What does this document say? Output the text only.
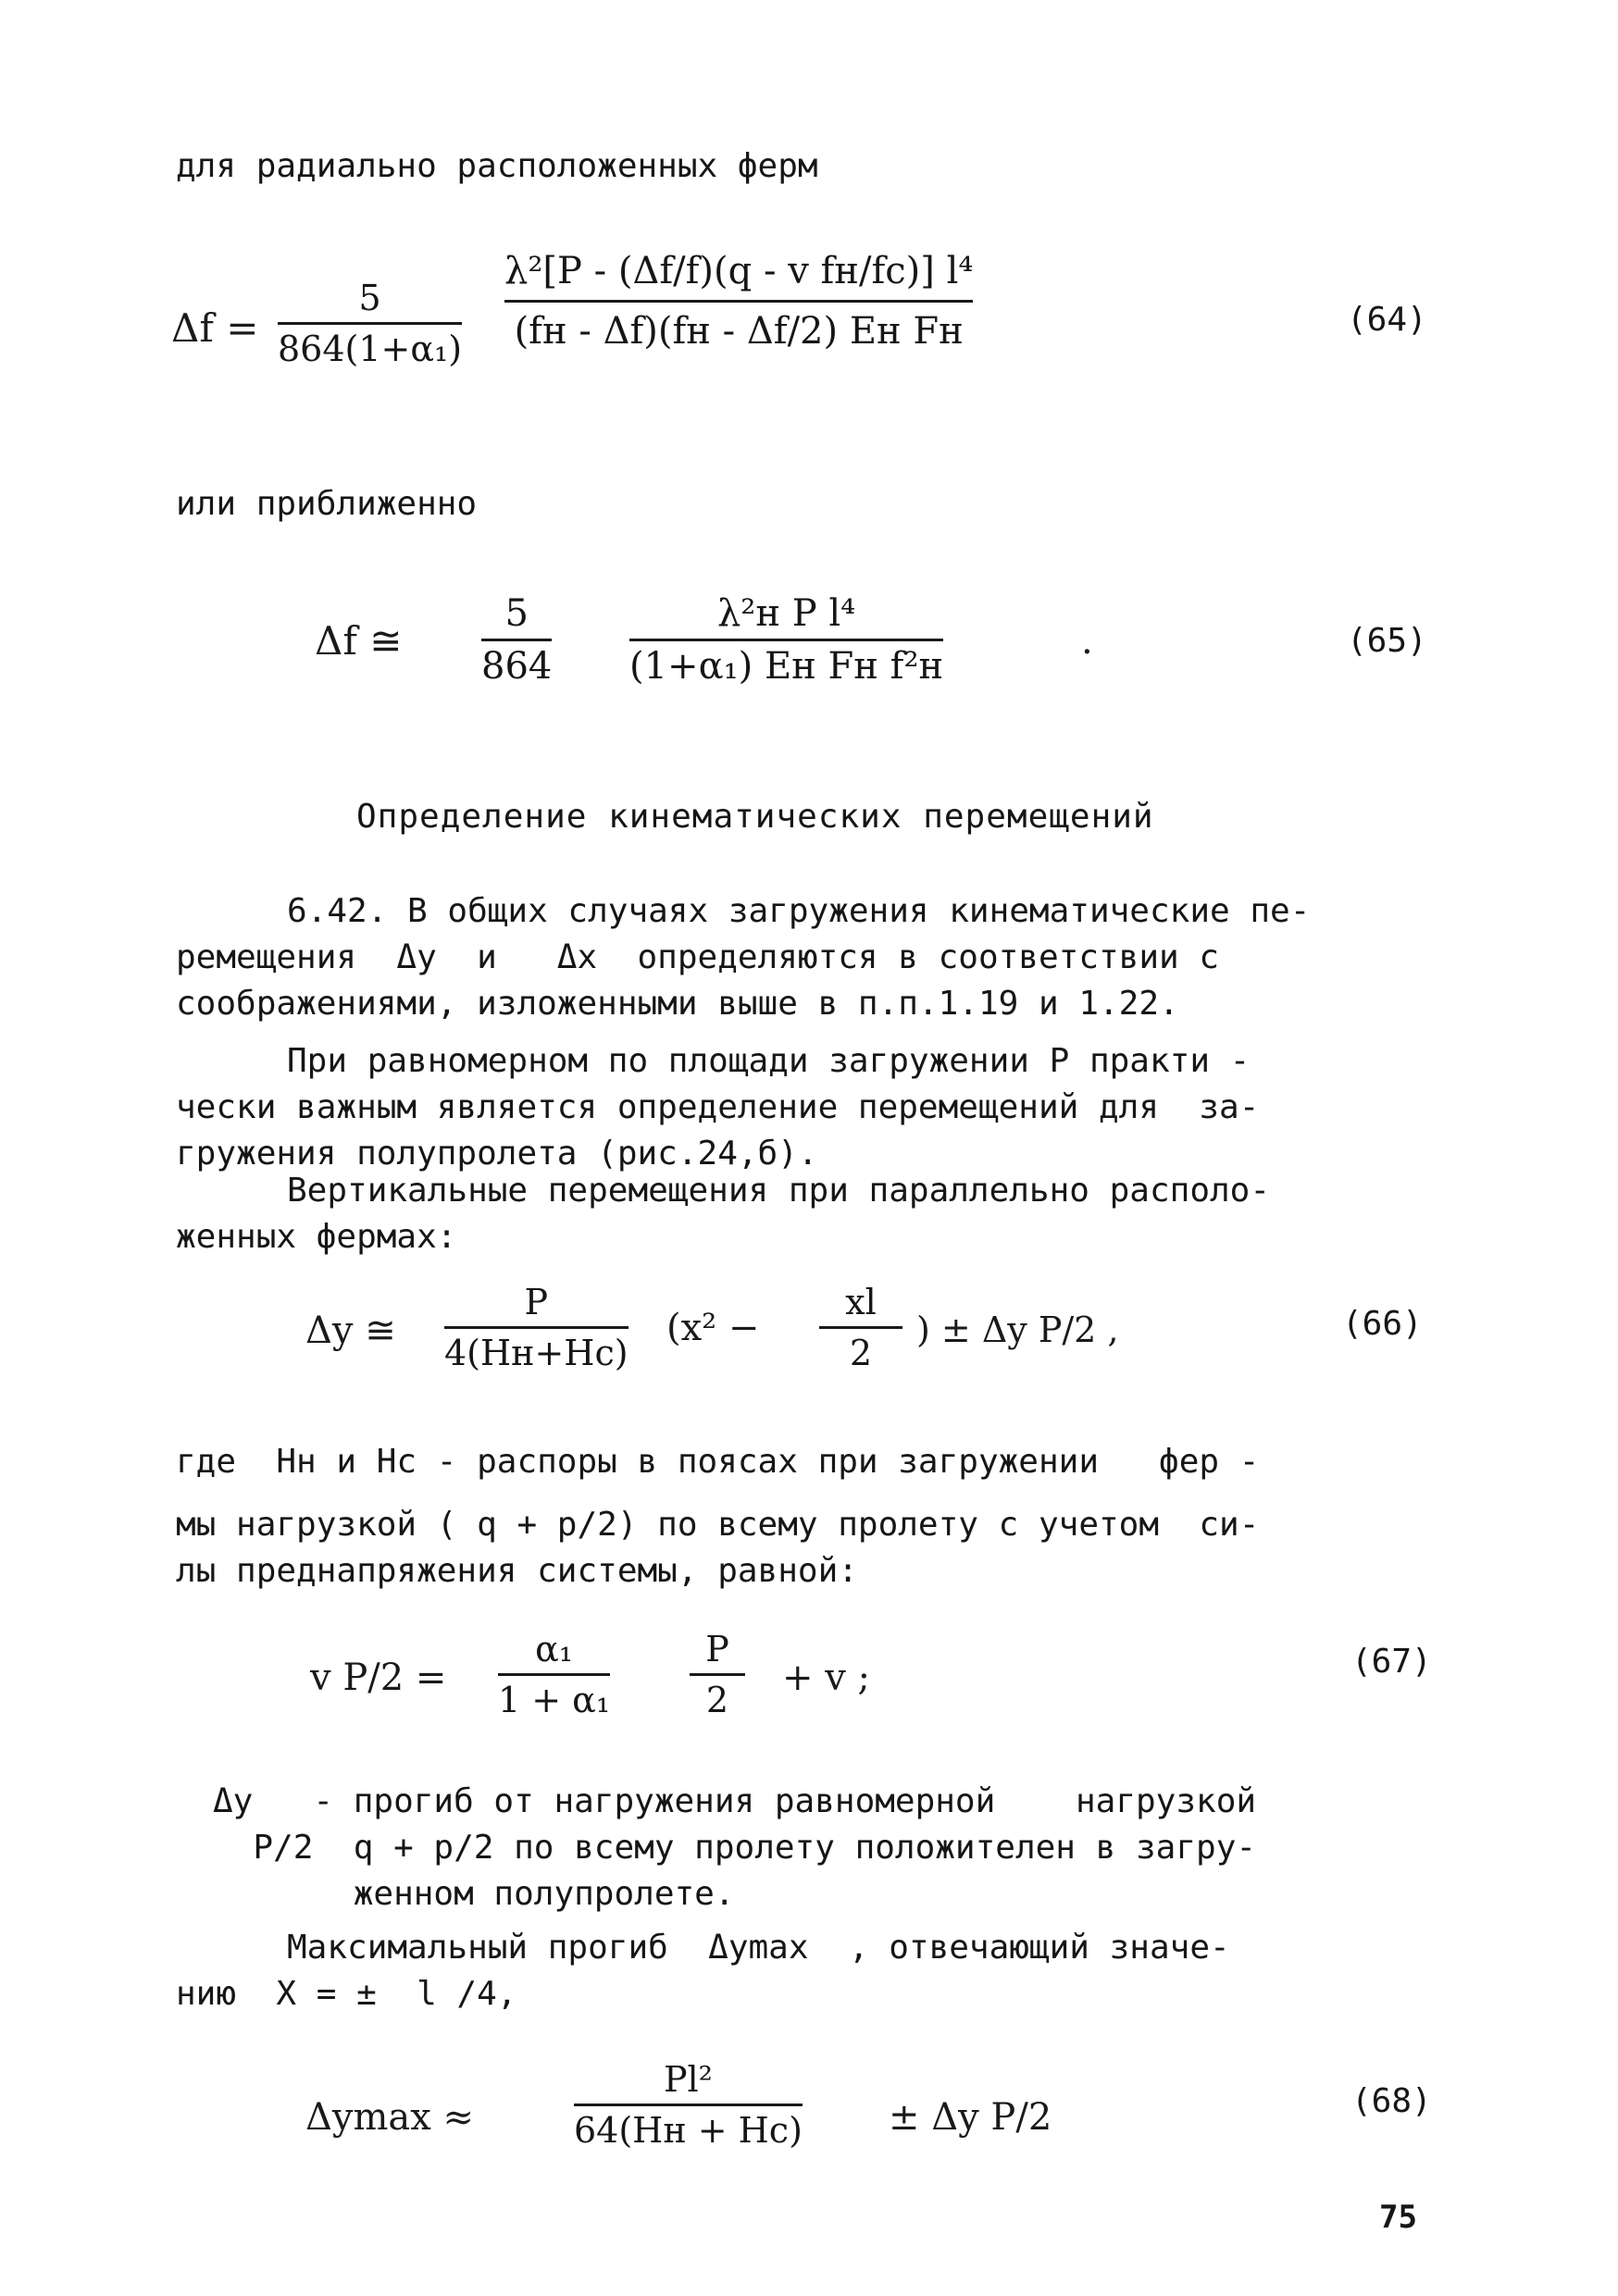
для радиально расположенных ферм
Δf =
5
864(1+α₁)
λ²[P - (Δf/f)(q - v fн/fс)] l⁴
(fн - Δf)(fн - Δf/2) Eн Fн	(64)
или приближенно
Δf ≅
5
864
λ²н P l⁴
(1+α₁) Eн Fн f²н
.	(65)
Определение кинематических перемещений
6.42. В общих случаях загружения кинематические пе-
ремещения  Δy  и   Δx  определяются в соответствии с
соображениями, изложенными выше в п.п.1.19 и 1.22.
При равномерном по площади загружении P практи -
чески важным является определение перемещений для  за-
гружения полупролета (рис.24,б).
Вертикальные перемещения при параллельно располо-
женных фермах:
Δy ≅
P
4(Hн+Hс)
(x² −
xl
2
) ± Δy P/2 ,	(66)
где  Hн и Hс - распоры в поясах при загружении   фер -
мы нагрузкой ( q + p/2) по всему пролету с учетом  си-
лы преднапряжения системы, равной:
v P/2 =
α₁
1 + α₁
P
2
+ v ;	(67)
Δy   - прогиб от нагружения равномерной    нагрузкой
P/2  q + p/2 по всему пролету положителен в загру-
женном полупролете.
Максимальный прогиб  Δymax  , отвечающий значе-
нию  X = ±  l /4,
Δymax ≈
Pl²
64(Hн + Hс) ± Δy P/2	(68)
75
